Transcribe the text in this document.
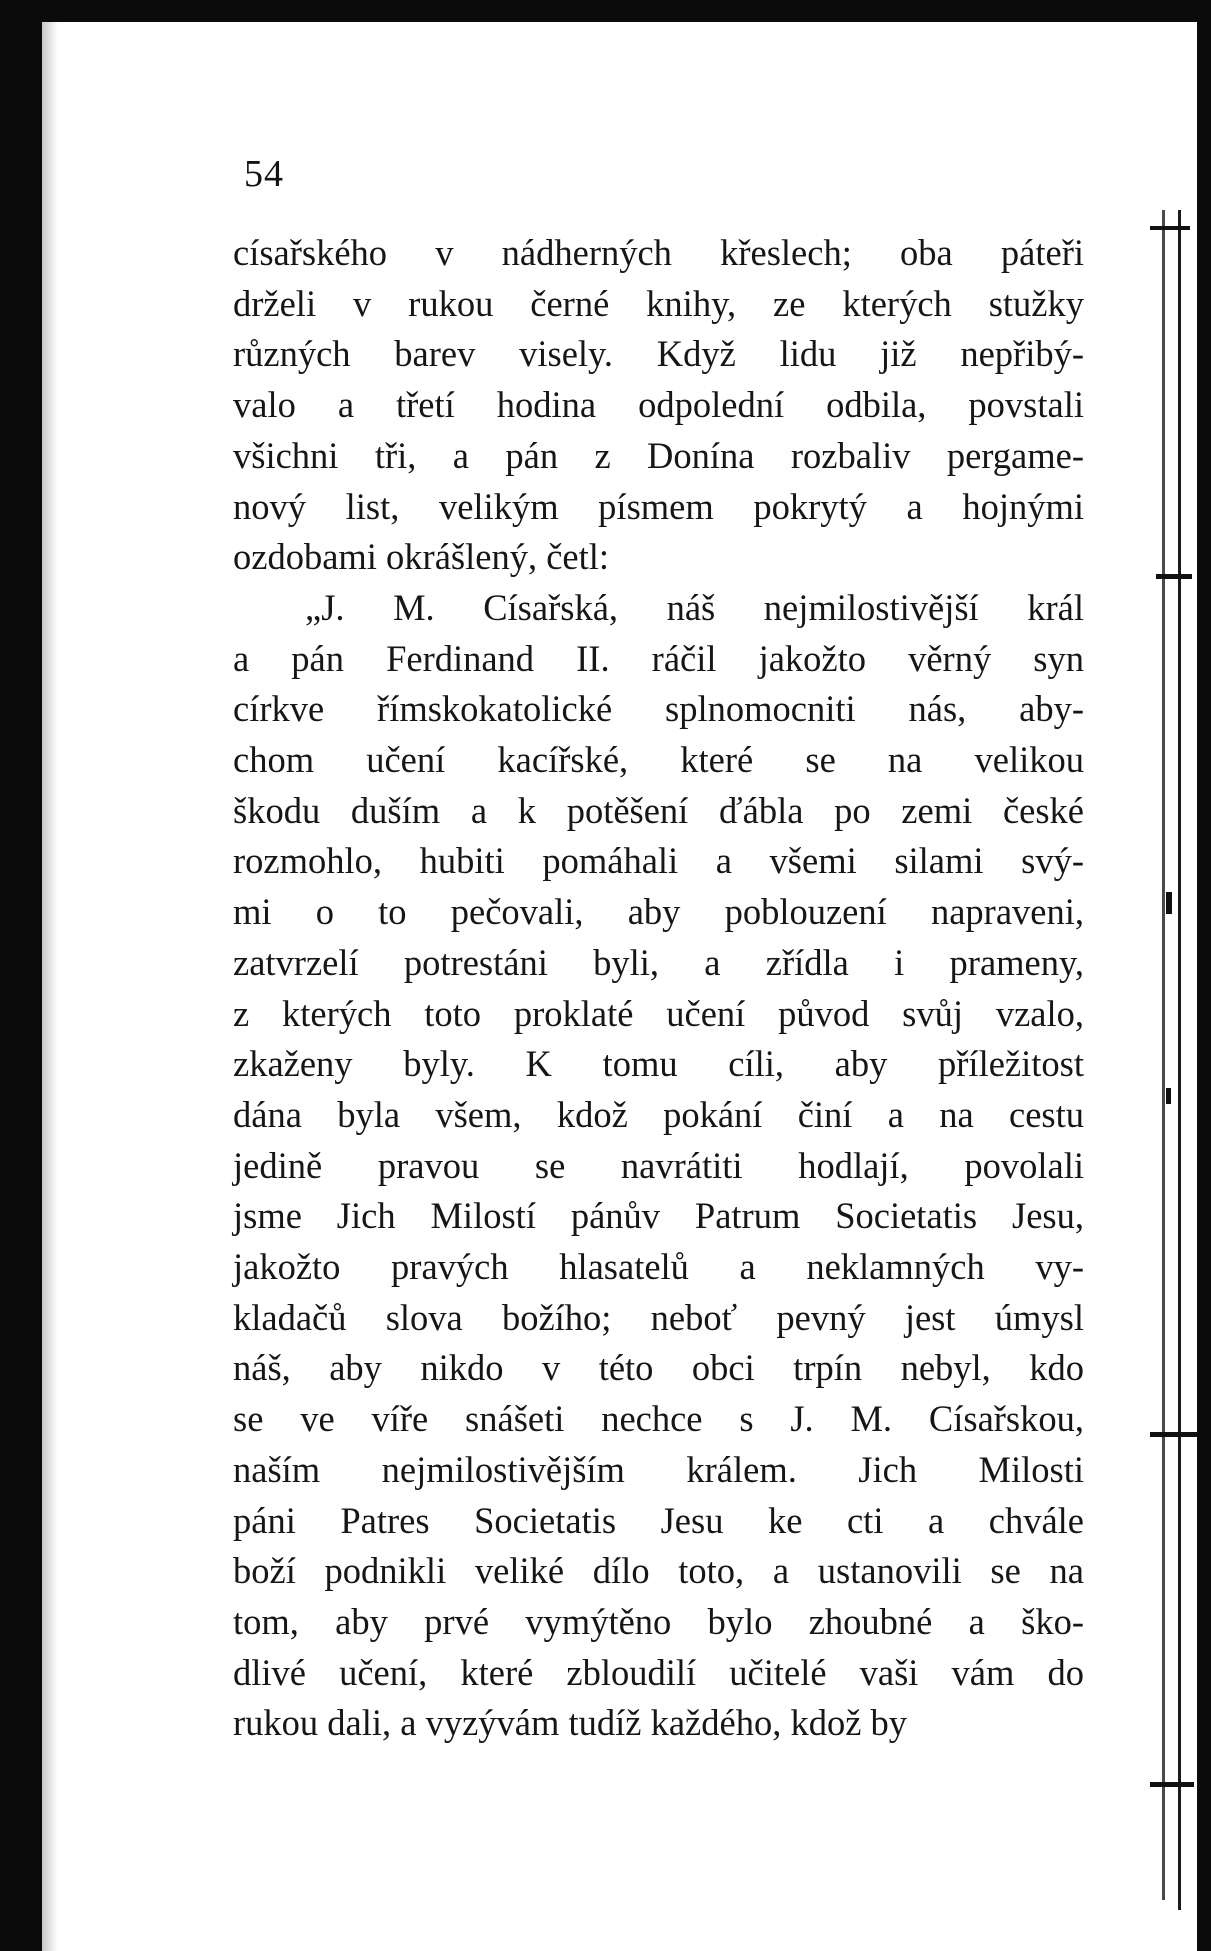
54
císařského v nádherných křeslech; oba páteři
drželi v rukou černé knihy, ze kterých stužky
různých barev visely. Když lidu již nepřibý-
valo a třetí hodina odpolední odbila, povstali
všichni tři, a pán z Donína rozbaliv pergame-
nový list, velikým písmem pokrytý a hojnými
ozdobami okrášlený, četl:
„J. M. Císařská, náš nejmilostivější král
a pán Ferdinand II. ráčil jakožto věrný syn
církve římskokatolické splnomocniti nás, aby-
chom učení kacířské, které se na velikou
škodu duším a k potěšení ďábla po zemi české
rozmohlo, hubiti pomáhali a všemi silami svý-
mi o to pečovali, aby poblouzení napraveni,
zatvrzelí potrestáni byli, a zřídla i prameny,
z kterých toto proklaté učení původ svůj vzalo,
zkaženy byly. K tomu cíli, aby příležitost
dána byla všem, kdož pokání činí a na cestu
jedině pravou se navrátiti hodlají, povolali
jsme Jich Milostí pánův Patrum Societatis Jesu,
jakožto pravých hlasatelů a neklamných vy-
kladačů slova božího; neboť pevný jest úmysl
náš, aby nikdo v této obci trpín nebyl, kdo
se ve víře snášeti nechce s J. M. Císařskou,
naším nejmilostivějším králem. Jich Milosti
páni Patres Societatis Jesu ke cti a chvále
boží podnikli veliké dílo toto, a ustanovili se na
tom, aby prvé vymýtěno bylo zhoubné a ško-
dlivé učení, které zbloudilí učitelé vaši vám do
rukou dali, a vyzývám tudíž každého, kdož by
